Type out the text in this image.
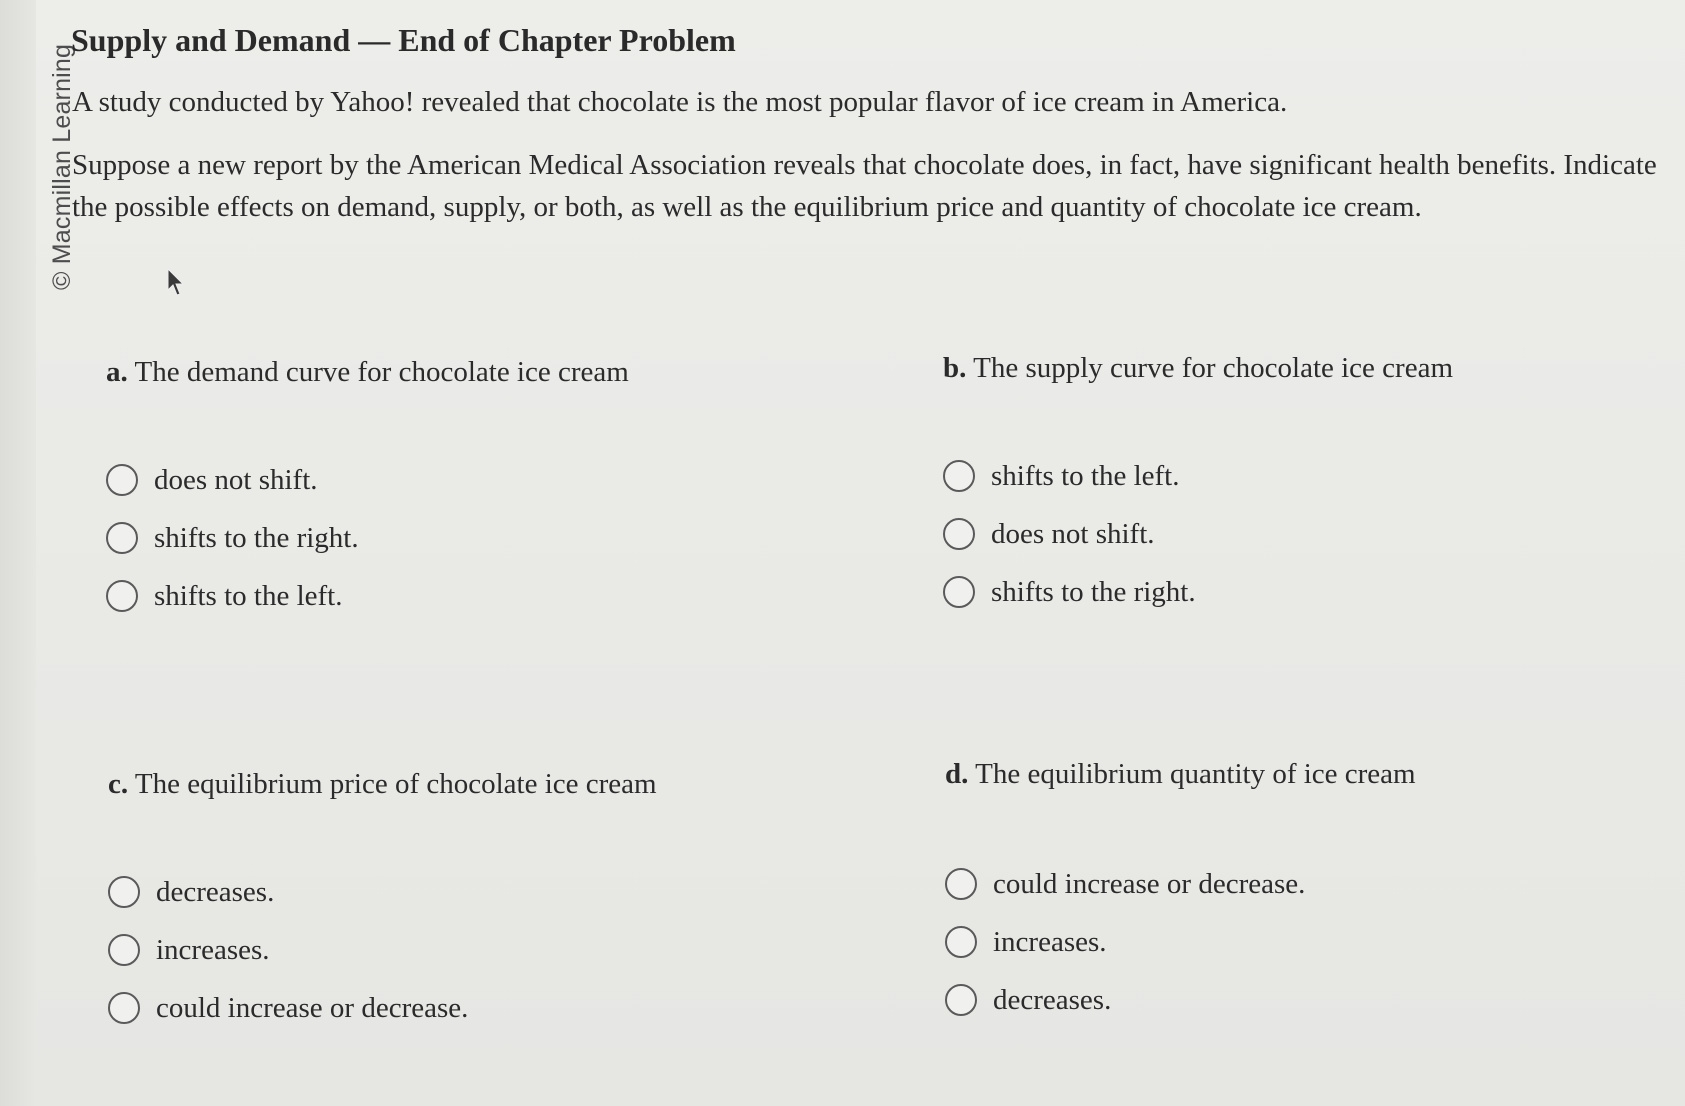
© Macmillan Learning
Supply and Demand — End of Chapter Problem
A study conducted by Yahoo! revealed that chocolate is the most popular flavor of ice cream in America.
Suppose a new report by the American Medical Association reveals that chocolate does, in fact, have significant health benefits. Indicate the possible effects on demand, supply, or both, as well as the equilibrium price and quantity of chocolate ice cream.
a. The demand curve for chocolate ice cream
does not shift.
shifts to the right.
shifts to the left.
b. The supply curve for chocolate ice cream
shifts to the left.
does not shift.
shifts to the right.
c. The equilibrium price of chocolate ice cream
decreases.
increases.
could increase or decrease.
d. The equilibrium quantity of ice cream
could increase or decrease.
increases.
decreases.
